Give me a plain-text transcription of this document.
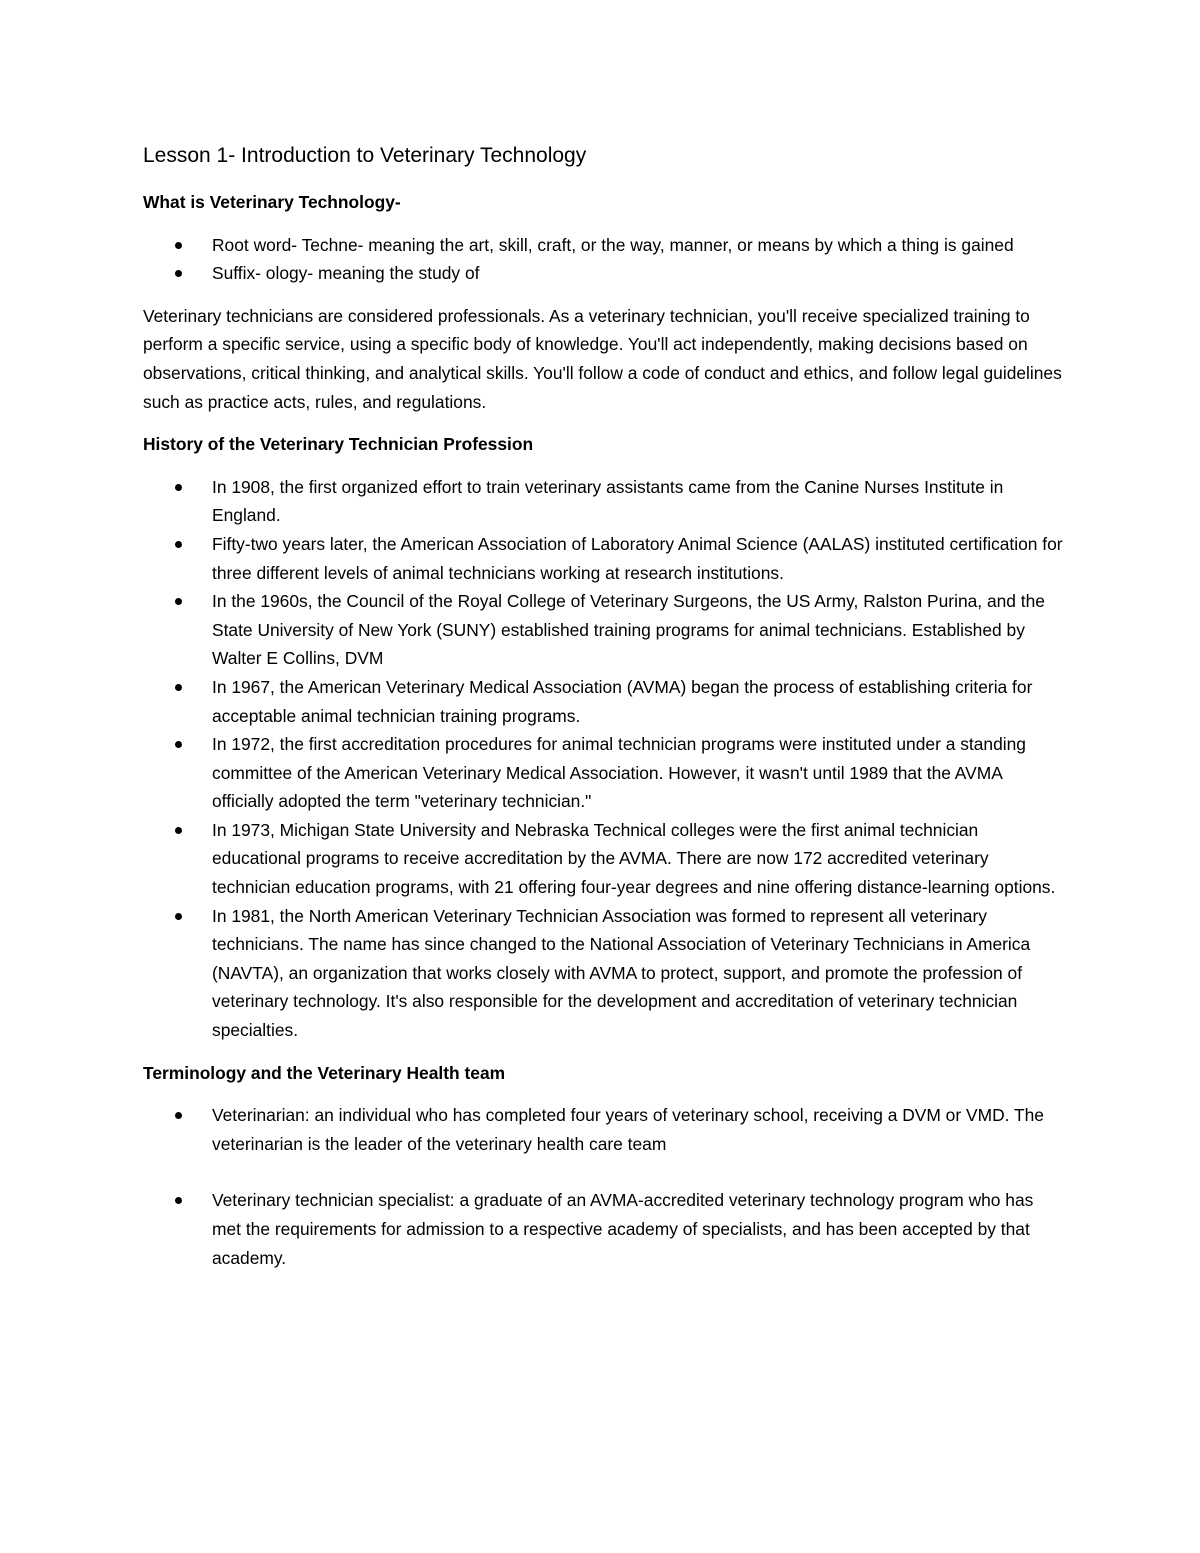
Lesson 1- Introduction to Veterinary Technology
What is Veterinary Technology-
Root word- Techne- meaning the art, skill, craft, or the way, manner, or means by which a thing is gained
Suffix- ology- meaning the study of
Veterinary technicians are considered professionals. As a veterinary technician, you'll receive specialized training to perform a specific service, using a specific body of knowledge. You'll act independently, making decisions based on observations, critical thinking, and analytical skills. You'll follow a code of conduct and ethics, and follow legal guidelines such as practice acts, rules, and regulations.
History of the Veterinary Technician Profession
In 1908, the first organized effort to train veterinary assistants came from the Canine Nurses Institute in England.
Fifty-two years later, the American Association of Laboratory Animal Science (AALAS) instituted certification for three different levels of animal technicians working at research institutions.
In the 1960s, the Council of the Royal College of Veterinary Surgeons, the US Army, Ralston Purina, and the State University of New York (SUNY) established training programs for animal technicians. Established by Walter E Collins, DVM
In 1967, the American Veterinary Medical Association (AVMA) began the process of establishing criteria for acceptable animal technician training programs.
In 1972, the first accreditation procedures for animal technician programs were instituted under a standing committee of the American Veterinary Medical Association. However, it wasn't until 1989 that the AVMA officially adopted the term "veterinary technician."
In 1973, Michigan State University and Nebraska Technical colleges were the first animal technician educational programs to receive accreditation by the AVMA. There are now 172 accredited veterinary technician education programs, with 21 offering four-year degrees and nine offering distance-learning options.
In 1981, the North American Veterinary Technician Association was formed to represent all veterinary technicians. The name has since changed to the National Association of Veterinary Technicians in America (NAVTA), an organization that works closely with AVMA to protect, support, and promote the profession of veterinary technology. It's also responsible for the development and accreditation of veterinary technician specialties.
Terminology and the Veterinary Health team
Veterinarian: an individual who has completed four years of veterinary school, receiving a DVM or VMD. The veterinarian is the leader of the veterinary health care team
Veterinary technician specialist: a graduate of an AVMA-accredited veterinary technology program who has met the requirements for admission to a respective academy of specialists, and has been accepted by that academy.
